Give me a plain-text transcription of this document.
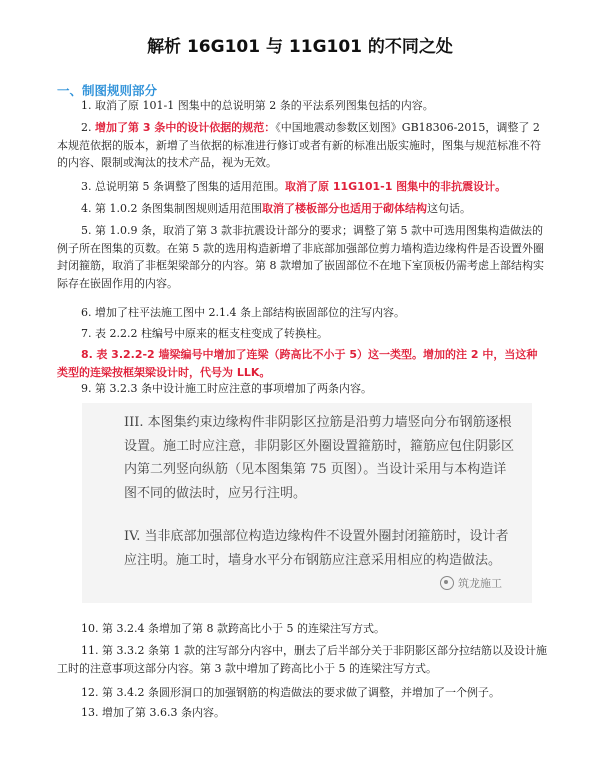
解析 16G101 与 11G101 的不同之处
一、制图规则部分
1. 取消了原 101-1 图集中的总说明第 2 条的平法系列图集包括的内容。
2. 增加了第 3 条中的设计依据的规范：《中国地震动参数区划图》GB18306-2015，调整了 2 本规范依据的版本，新增了当依据的标准进行修订或者有新的标准出版实施时，图集与规范标准不符的内容、限制或淘汰的技术产品，视为无效。
3. 总说明第 5 条调整了图集的适用范围。取消了原 11G101-1 图集中的非抗震设计。
4. 第 1.0.2 条图集制图规则适用范围取消了楼板部分也适用于砌体结构这句话。
5. 第 1.0.9 条，取消了第 3 款非抗震设计部分的要求；调整了第 5 款中可选用图集构造做法的例子所在图集的页数。在第 5 款的选用构造新增了非底部加强部位剪力墙构造边缘构件是否设置外圈封闭箍筋，取消了非框架梁部分的内容。第 8 款增加了嵌固部位不在地下室顶板仍需考虑上部结构实际存在嵌固作用的内容。
6. 增加了柱平法施工图中 2.1.4 条上部结构嵌固部位的注写内容。
7. 表 2.2.2 柱编号中原来的框支柱变成了转换柱。
8. 表 3.2.2-2 墙梁编号中增加了连梁（跨高比不小于 5）这一类型。增加的注 2 中，当这种类型的连梁按框架梁设计时，代号为 LLK。
9. 第 3.2.3 条中设计施工时应注意的事项增加了两条内容。
III. 本图集约束边缘构件非阴影区拉筋是沿剪力墙竖向分布钢筋逐根设置。施工时应注意，非阴影区外圈设置箍筋时，箍筋应包住阴影区内第二列竖向纵筋（见本图集第 75 页图）。当设计采用与本构造详图不同的做法时，应另行注明。
IV. 当非底部加强部位构造边缘构件不设置外圈封闭箍筋时，设计者应注明。施工时，墙身水平分布钢筋应注意采用相应的构造做法。
筑龙施工
10. 第 3.2.4 条增加了第 8 款跨高比小于 5 的连梁注写方式。
11. 第 3.3.2 条第 1 款的注写部分内容中，删去了后半部分关于非阴影区部分拉结筋以及设计施工时的注意事项这部分内容。第 3 款中增加了跨高比小于 5 的连梁注写方式。
12. 第 3.4.2 条圆形洞口的加强钢筋的构造做法的要求做了调整，并增加了一个例子。
13. 增加了第 3.6.3 条内容。
